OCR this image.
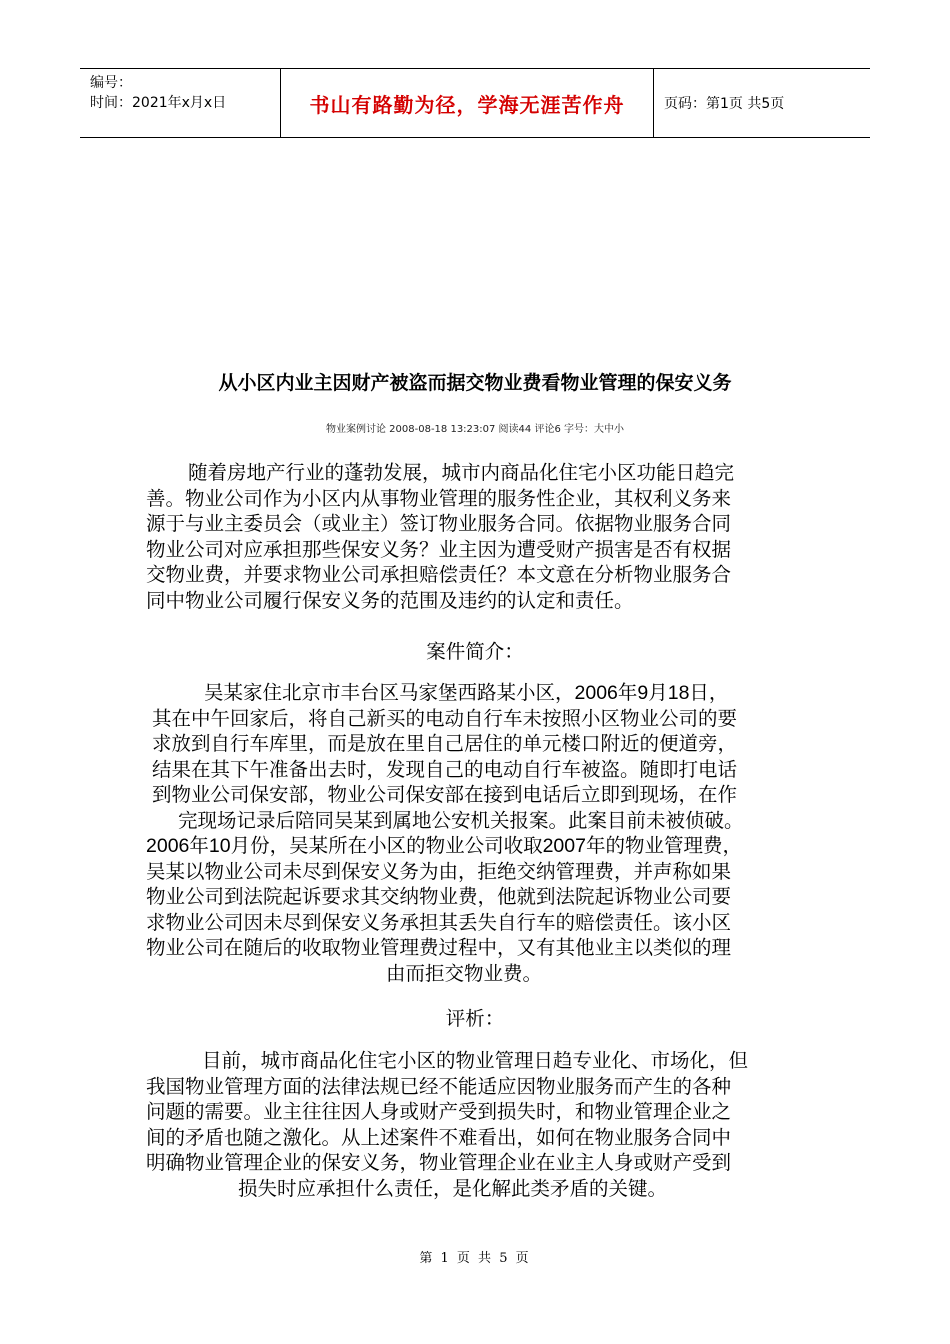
编号：
时间：2021年x月x日	书山有路勤为径，学海无涯苦作舟	页码：第1页 共5页
从小区内业主因财产被盗而据交物业费看物业管理的保安义务
物业案例讨论 2008-08-18 13:23:07 阅读44 评论6 字号：大中小
随着房地产行业的蓬勃发展，城市内商品化住宅小区功能日趋完
善。物业公司作为小区内从事物业管理的服务性企业，其权利义务来
源于与业主委员会（或业主）签订物业服务合同。依据物业服务合同
物业公司对应承担那些保安义务？业主因为遭受财产损害是否有权据
交物业费，并要求物业公司承担赔偿责任？本文意在分析物业服务合
同中物业公司履行保安义务的范围及违约的认定和责任。
案件简介：
吴某家住北京市丰台区马家堡西路某小区，2006年9月18日，
其在中午回家后，将自己新买的电动自行车未按照小区物业公司的要
求放到自行车库里，而是放在里自己居住的单元楼口附近的便道旁，
结果在其下午准备出去时，发现自己的电动自行车被盗。随即打电话
到物业公司保安部，物业公司保安部在接到电话后立即到现场，在作
完现场记录后陪同吴某到属地公安机关报案。此案目前未被侦破。
2006年10月份，吴某所在小区的物业公司收取2007年的物业管理费，
吴某以物业公司未尽到保安义务为由，拒绝交纳管理费，并声称如果
物业公司到法院起诉要求其交纳物业费，他就到法院起诉物业公司要
求物业公司因未尽到保安义务承担其丢失自行车的赔偿责任。该小区
物业公司在随后的收取物业管理费过程中，又有其他业主以类似的理
由而拒交物业费。
评析：
目前，城市商品化住宅小区的物业管理日趋专业化、市场化，但
我国物业管理方面的法律法规已经不能适应因物业服务而产生的各种
问题的需要。业主往往因人身或财产受到损失时，和物业管理企业之
间的矛盾也随之激化。从上述案件不难看出，如何在物业服务合同中
明确物业管理企业的保安义务，物业管理企业在业主人身或财产受到
损失时应承担什么责任，是化解此类矛盾的关键。
第 1 页 共 5 页
